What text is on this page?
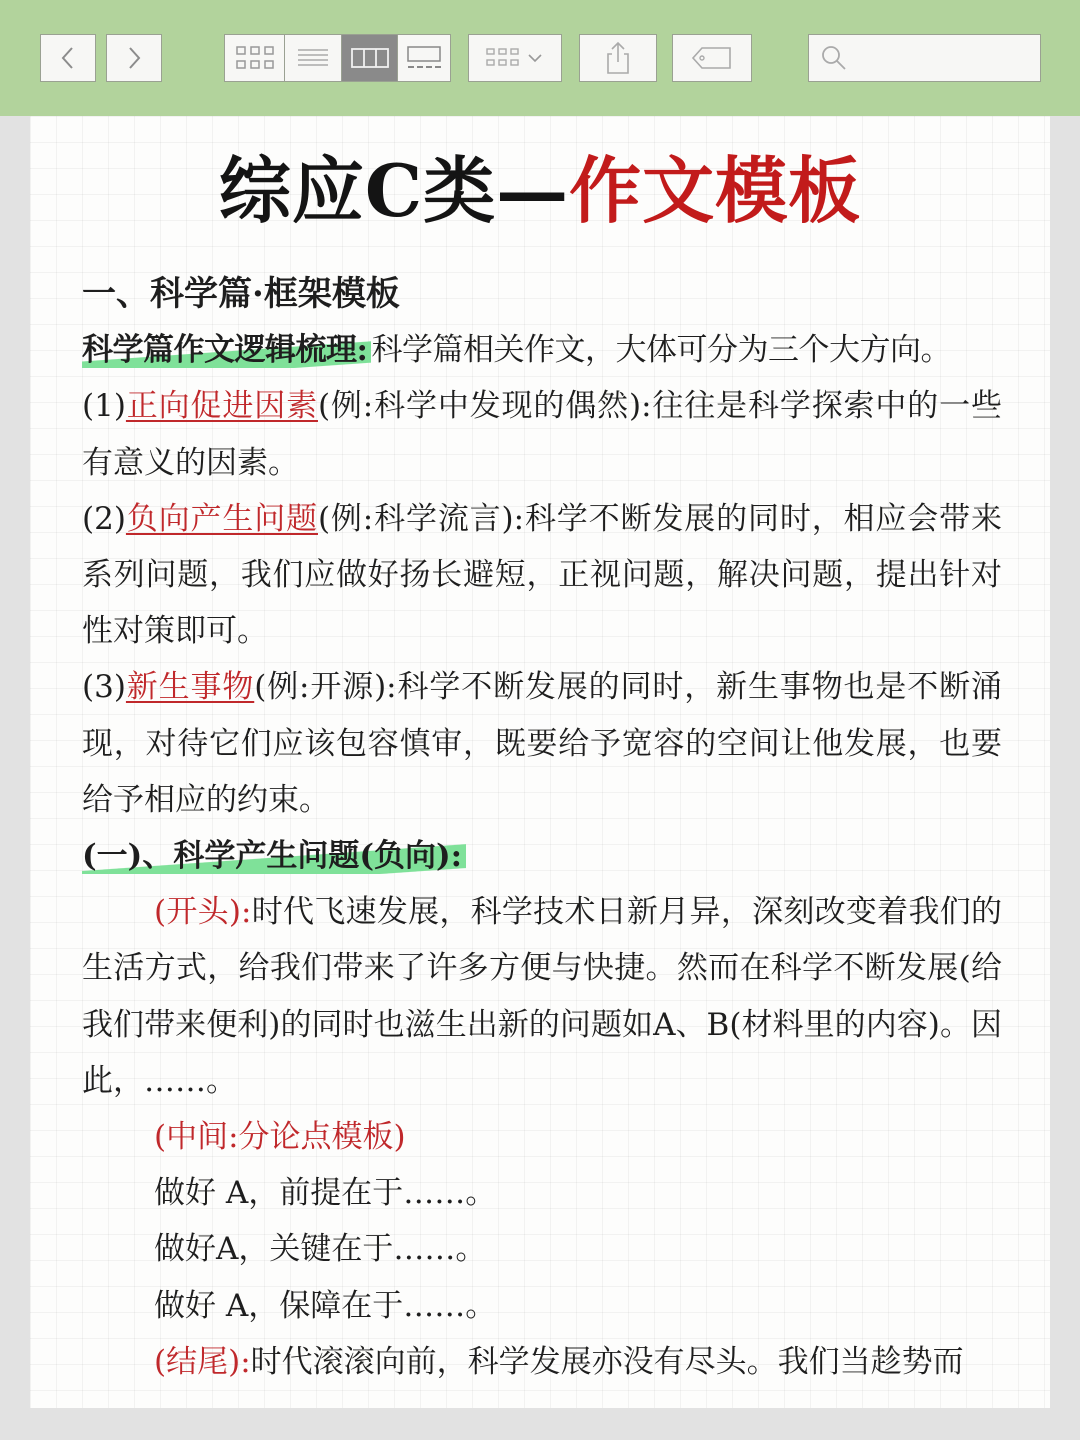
综应C类—作文模板

一、科学篇·框架模板

科学篇作文逻辑梳理: 科学篇相关作文，大体可分为三个大方向。

(1)正向促进因素(例:科学中发现的偶然):往往是科学探索中的一些有意义的因素。

(2)负向产生问题(例:科学流言):科学不断发展的同时，相应会带来系列问题，我们应做好扬长避短，正视问题，解决问题，提出针对性对策即可。

(3)新生事物(例:开源):科学不断发展的同时，新生事物也是不断涌现，对待它们应该包容慎审，既要给予宽容的空间让他发展，也要给予相应的约束。

(一)、科学产生问题(负向):

(开头):时代飞速发展，科学技术日新月异，深刻改变着我们的生活方式，给我们带来了许多方便与快捷。然而在科学不断发展(给我们带来便利)的同时也滋生出新的问题如A、B(材料里的内容)。因此，……。

(中间:分论点模板)

做好 A，前提在于……。

做好A，关键在于……。

做好 A，保障在于……。

(结尾):时代滚滚向前，科学发展亦没有尽头。我们当趁势而
